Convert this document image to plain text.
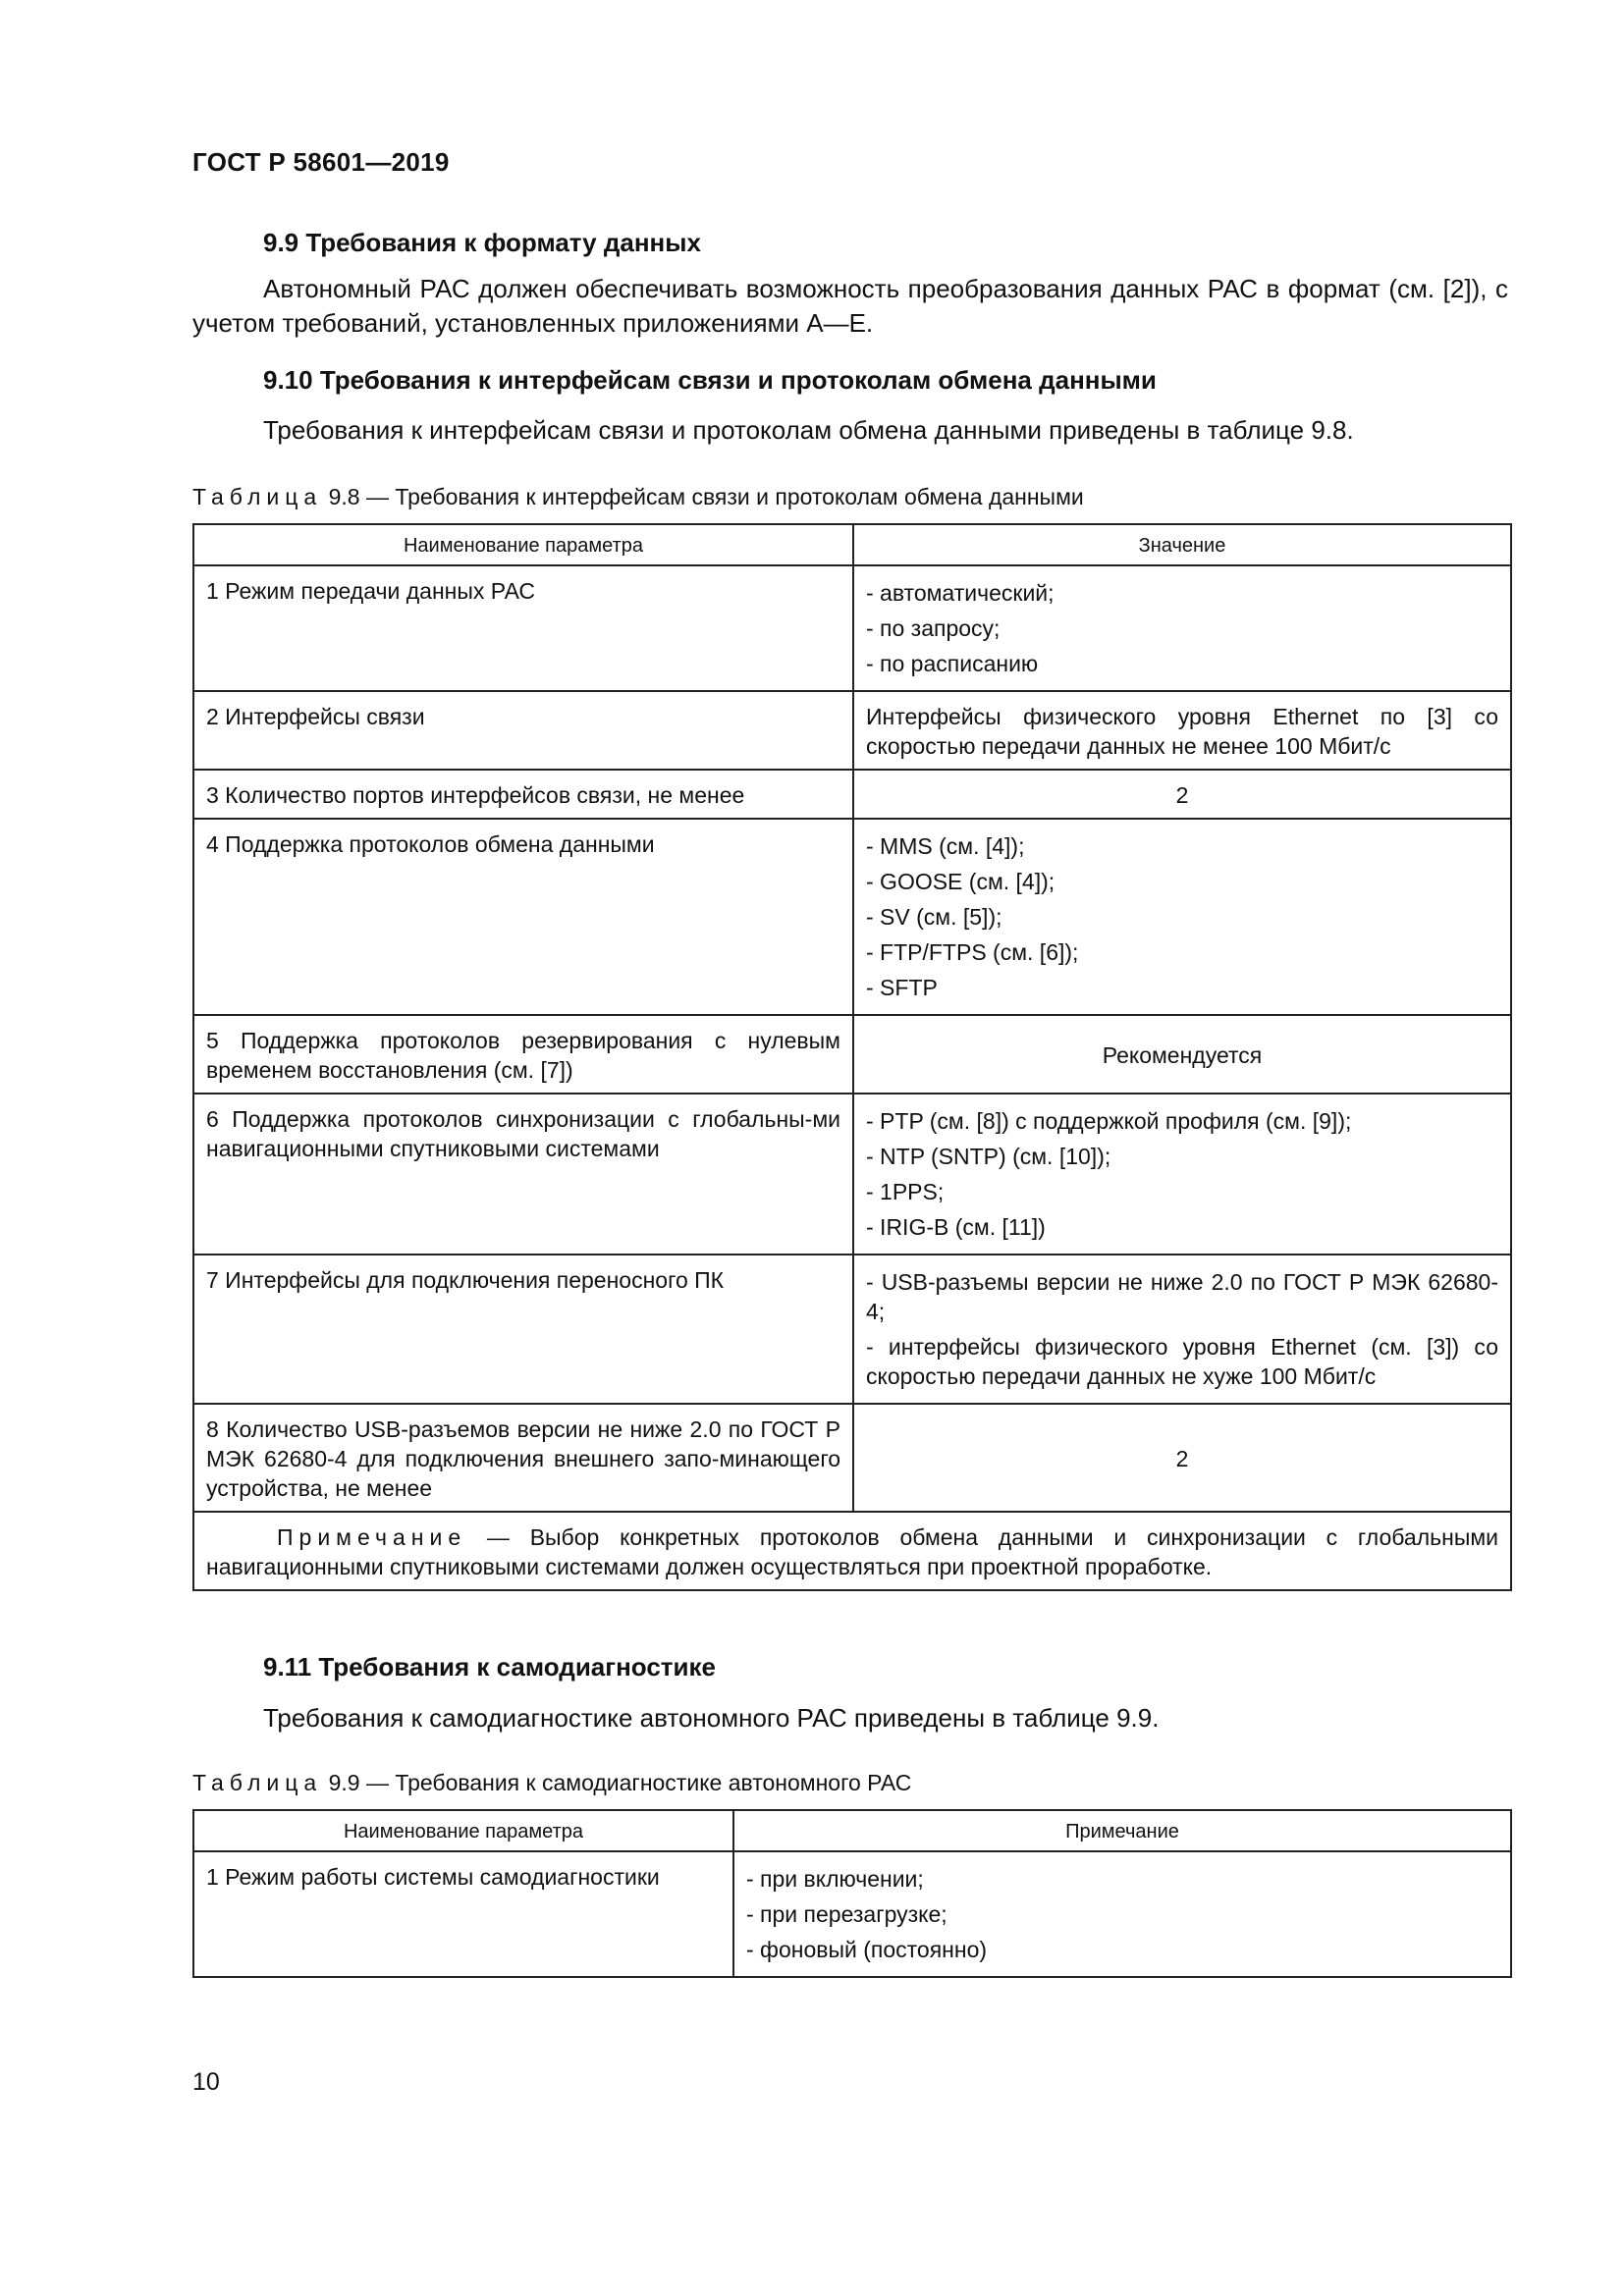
ГОСТ Р 58601—2019
9.9 Требования к формату данных
Автономный РАС должен обеспечивать возможность преобразования данных РАС в формат (см. [2]), с учетом требований, установленных приложениями А—Е.
9.10 Требования к интерфейсам связи и протоколам обмена данными
Требования к интерфейсам связи и протоколам обмена данными приведены в таблице 9.8.
Таблица 9.8 — Требования к интерфейсам связи и протоколам обмена данными
Наименование параметра	Значение
1 Режим передачи данных РАС	- автоматический;
- по запросу;
- по расписанию

2 Интерфейсы связи	Интерфейсы физического уровня Ethernet по [3] со скоростью передачи данных не менее 100 Мбит/с
3 Количество портов интерфейсов связи, не менее	2
4 Поддержка протоколов обмена данными	- MMS (см. [4]);
- GOOSE (см. [4]);
- SV (см. [5]);
- FTP/FTPS (см. [6]);
- SFTP

5 Поддержка протоколов резервирования с нулевым временем восстановления (см. [7])	Рекомендуется
6 Поддержка протоколов синхронизации с глобальны-ми навигационными спутниковыми системами	- PTP (см. [8]) с поддержкой профиля (см. [9]);
- NTP (SNTP) (см. [10]);
- 1PPS;
- IRIG-B (см. [11])

7 Интерфейсы для подключения переносного ПК	- USB-разъемы версии не ниже 2.0 по ГОСТ Р МЭК 62680-4;
- интерфейсы физического уровня Ethernet (см. [3]) со скоростью передачи данных не хуже 100 Мбит/с

8 Количество USB-разъемов версии не ниже 2.0 по ГОСТ Р МЭК 62680-4 для подключения внешнего запо-минающего устройства, не менее	2
Примечание — Выбор конкретных протоколов обмена данными и синхронизации с глобальными навигационными спутниковыми системами должен осуществляться при проектной проработке.	
9.11 Требования к самодиагностике
Требования к самодиагностике автономного РАС приведены в таблице 9.9.
Таблица 9.9 — Требования к самодиагностике автономного РАС
Наименование параметра	Примечание
1 Режим работы системы самодиагностики	- при включении;
- при перезагрузке;
- фоновый (постоянно)
10
